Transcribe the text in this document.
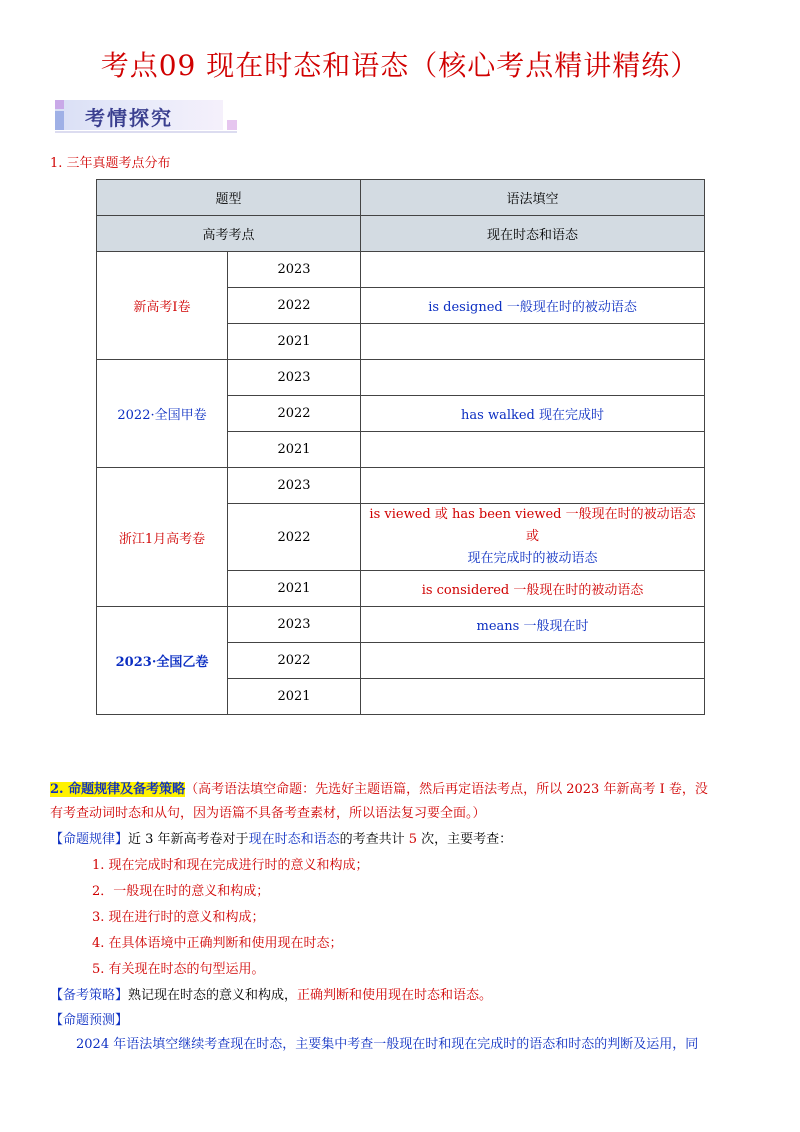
考点09 现在时态和语态（核心考点精讲精练）
考情探究
1. 三年真题考点分布
题型		语法填空
高考考点		现在时态和语态
新高考Ⅰ卷	2023	
	2022	is designed 一般现在时的被动语态
	2021	
2022·全国甲卷	2023	
	2022	has walked 现在完成时
	2021	
浙江1月高考卷	2023	
	2022	is viewed 或 has been viewed 一般现在时的被动语态或
现在完成时的被动语态

	2021	is considered 一般现在时的被动语态
2023·全国乙卷	2023	means 一般现在时
	2022	
	2021	
2. 命题规律及备考策略（高考语法填空命题：先选好主题语篇，然后再定语法考点，所以 2023 年新高考 I 卷，没
有考查动词时态和从句，因为语篇不具备考查素材，所以语法复习要全面。）
【命题规律】近 3 年新高考卷对于现在时态和语态的考查共计 5 次，主要考查：
1. 现在完成时和现在完成进行时的意义和构成；
2．一般现在时的意义和构成；
3. 现在进行时的意义和构成；
4. 在具体语境中正确判断和使用现在时态；
5. 有关现在时态的句型运用。
【备考策略】熟记现在时态的意义和构成，正确判断和使用现在时态和语态。
【命题预测】
2024 年语法填空继续考查现在时态，主要集中考查一般现在时和现在完成时的语态和时态的判断及运用，同
